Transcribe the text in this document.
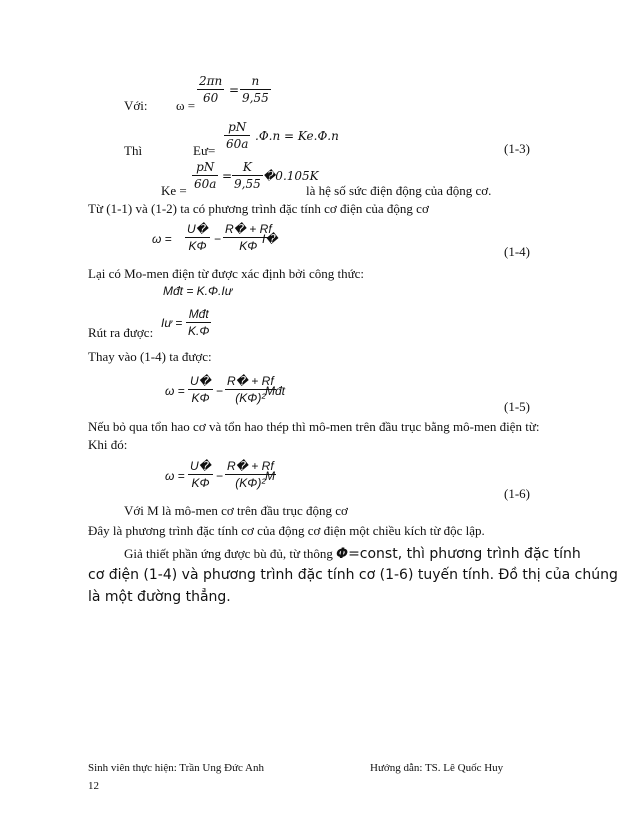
Với: ω =
$\frac{2\pi n}{60} = \frac{n}{9,55}$
Thì	Eư= $\frac{pN}{60a} .\Phi.n = Ke.\Phi.n$
(1-3)
$Ke = \frac{pN}{60a} = \frac{K}{9,55}$ �0.105K
là hệ số sức điện động của động cơ.
Từ (1-1) và (1-2) ta có phương trình đặc tính cơ điện của động cơ
$\omega = \frac{U�}{K\Phi} - \frac{R� + Rf}{K\Phi}$
I�
(1-4)
Lại có Mo-men điện từ được xác định bởi công thức:
Mđt = K.Φ.Iư
Rút ra được:
Iư =
Mđt
K.Φ
Thay vào (1-4) ta được:
$\omega = \frac{U�}{K\Phi} - \frac{R� + Rf}{\text{(KΦ)²}}$
Mđt
(1-5)
Nếu bỏ qua tổn hao cơ và tổn hao thép thì mô-men trên đầu trục bằng mô-men điện từ:
Khi đó:
$\omega = \frac{U�}{K\Phi} - \frac{R� + Rf}{\text{(KΦ)²}}$
M
(1-6)
Với M là mô-men cơ trên đầu trục động cơ
Đây là phương trình đặc tính cơ của động cơ điện một chiều kích từ độc lập.
Giả thiết phần ứng được bù đủ, từ thông Φ=const, thì phương trình đặc tính
cơ điện (1-4) và phương trình đặc tính cơ (1-6) tuyến tính. Đồ thị của chúng
là một đường thẳng.
Sinh viên thực hiện: Trần Ung Đức Anh	Hướng dẫn: TS. Lê Quốc Huy
12
